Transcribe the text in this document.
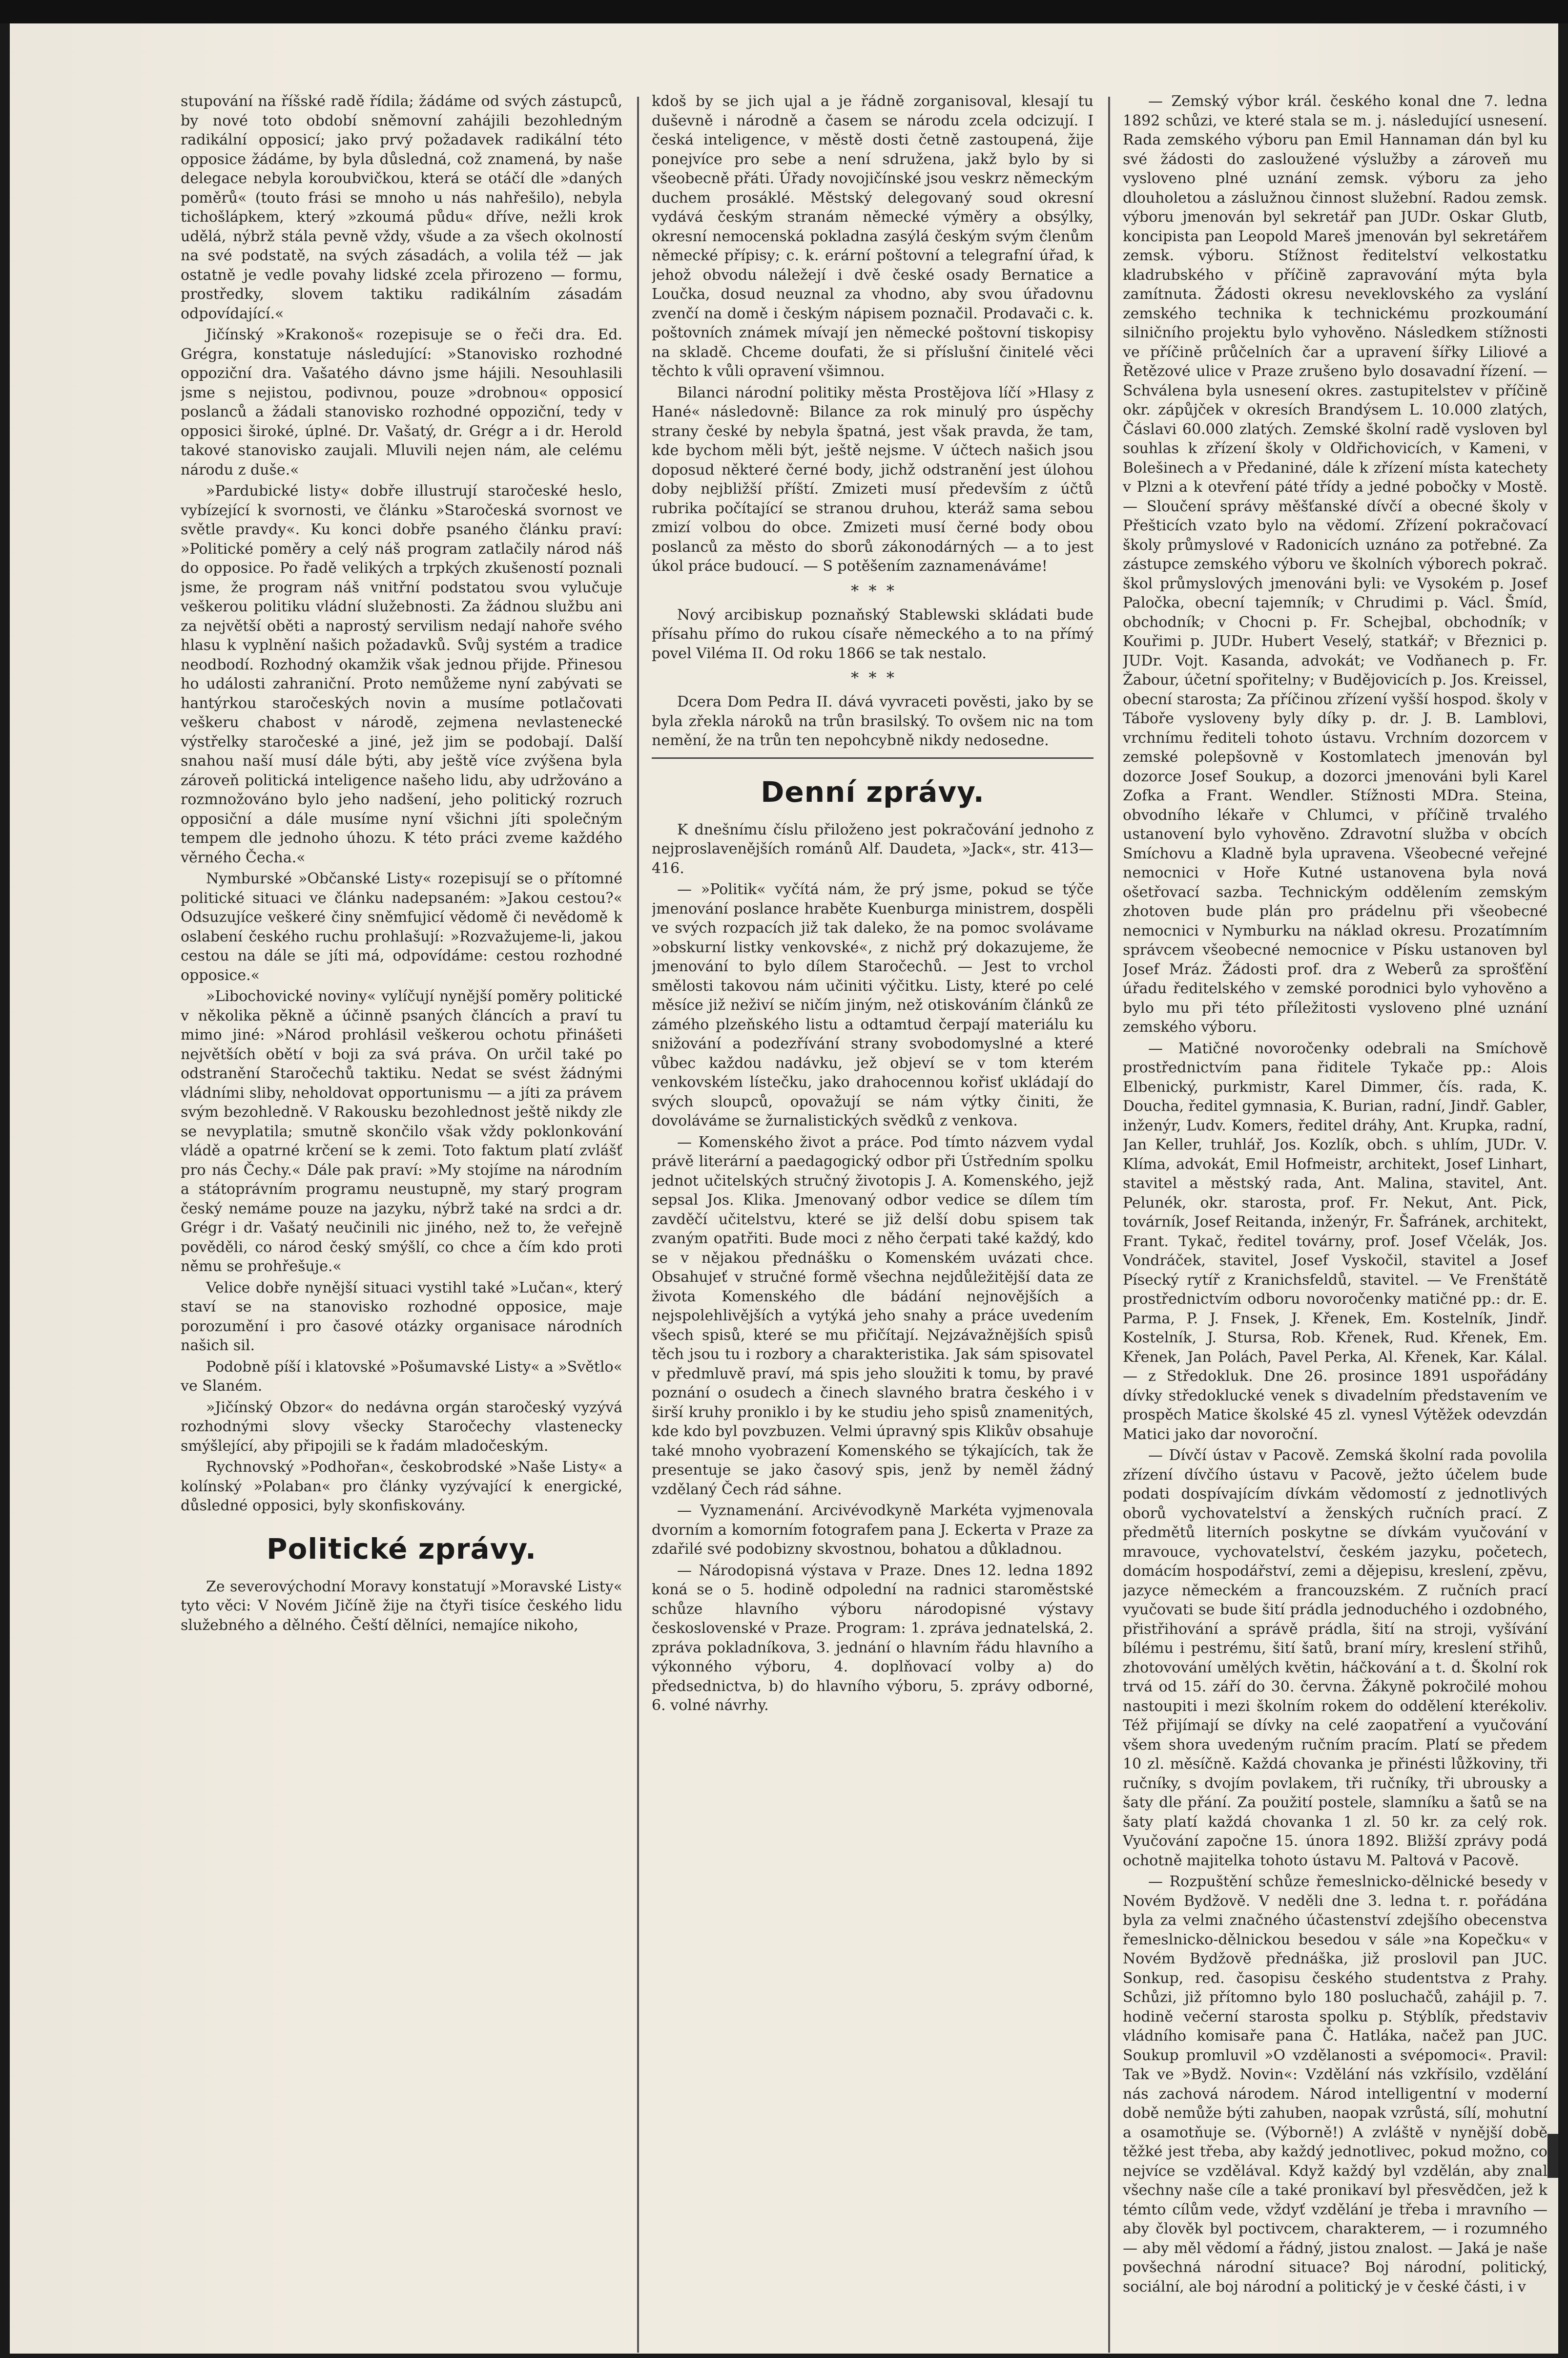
stupování na říšské radě řídila; žádáme od svých zástupců, by nové toto období sněmovní zahájili bezohledným radikální opposicí; jako prvý požadavek radikální této opposice žádáme, by byla důsledná, což znamená, by naše delegace nebyla koroubvičkou, která se otáčí dle »daných poměrů« (touto frási se mnoho u nás nahřešilo), nebyla tichošlápkem, který »zkoumá půdu« dříve, nežli krok udělá, nýbrž stála pevně vždy, všude a za všech okolností na své podstatě, na svých zásadách, a volila též — jak ostatně je vedle povahy lidské zcela přirozeno — formu, prostředky, slovem taktiku radikálním zásadám odpovídající.«

Jičínský »Krakonoš« rozepisuje se o řeči dra. Ed. Grégra, konstatuje následující: »Stanovisko rozhodné oppoziční dra. Vašatého dávno jsme hájili. Nesouhlasili jsme s nejistou, podivnou, pouze »drobnou« opposicí poslanců a žádali stanovisko rozhodné oppoziční, tedy v opposici široké, úplné. Dr. Vašatý, dr. Grégr a i dr. Herold takové stanovisko zaujali. Mluvili nejen nám, ale celému národu z duše.«

»Pardubické listy« dobře illustrují staročeské heslo, vybízející k svornosti, ve článku »Staročeská svornost ve světle pravdy«. Ku konci dobře psaného článku praví: »Politické poměry a celý náš program zatlačily národ náš do opposice. Po řadě velikých a trpkých zkušeností poznali jsme, že program náš vnitřní podstatou svou vylučuje veškerou politiku vládní služebnosti. Za žádnou službu ani za největší oběti a naprostý servilism nedají nahoře svého hlasu k vyplnění našich požadavků. Svůj systém a tradice neodbodí. Rozhodný okamžik však jednou přijde. Přinesou ho události zahraniční. Proto nemůžeme nyní zabývati se hantýrkou staročeských novin a musíme potlačovati veškeru chabost v národě, zejmena nevlastenecké výstřelky staročeské a jiné, jež jim se podobají. Další snahou naší musí dále býti, aby ještě více zvýšena byla zároveň politická inteligence našeho lidu, aby udržováno a rozmnožováno bylo jeho nadšení, jeho politický rozruch opposiční a dále musíme nyní všichni jíti společným tempem dle jednoho úhozu. K této práci zveme každého věrného Čecha.«

Nymburské »Občanské Listy« rozepisují se o přítomné politické situaci ve článku nadepsaném: »Jakou cestou?« Odsuzujíce veškeré činy sněmfujicí vědomě či nevědomě k oslabení českého ruchu prohlašují: »Rozvažujeme-li, jakou cestou na dále se jíti má, odpovídáme: cestou rozhodné opposice.«

»Libochovické noviny« vylíčují nynější poměry politické v několika pěkně a účinně psaných článcích a praví tu mimo jiné: »Národ prohlásil veškerou ochotu přinášeti největších obětí v boji za svá práva. On určil také po odstranění Staročechů taktiku. Nedat se svést žádnými vládními sliby, neholdovat opportunismu — a jíti za právem svým bezohledně. V Rakousku bezohlednost ještě nikdy zle se nevyplatila; smutně skončilo však vždy poklonkování vládě a opatrné krčení se k zemi. Toto faktum platí zvlášť pro nás Čechy.« Dále pak praví: »My stojíme na národním a státoprávním programu neustupně, my starý program český nemáme pouze na jazyku, nýbrž také na srdci a dr. Grégr i dr. Vašatý neučinili nic jiného, než to, že veřejně pověděli, co národ český smýšlí, co chce a čím kdo proti němu se prohřešuje.«

Velice dobře nynější situaci vystihl také »Lučan«, který staví se na stanovisko rozhodné opposice, maje porozumění i pro časové otázky organisace národních našich sil.

Podobně píší i klatovské »Pošumavské Listy« a »Světlo« ve Slaném.

»Jičínský Obzor« do nedávna orgán staročeský vyzývá rozhodnými slovy všecky Staročechy vlastenecky smýšlející, aby připojili se k řadám mladočeským.

Rychnovský »Podhořan«, českobrodské »Naše Listy« a kolínský »Polaban« pro články vyzývající k energické, důsledné opposici, byly skonfiskovány.

Politické zprávy.

Ze severovýchodní Moravy konstatují »Moravské Listy« tyto věci: V Novém Jičíně žije na čtyři tisíce českého lidu služebného a dělného. Čeští dělníci, nemajíce nikoho,

kdoš by se jich ujal a je řádně zorganisoval, klesají tu duševně i národně a časem se národu zcela odcizují. I česká inteligence, v městě dosti četně zastoupená, žije ponejvíce pro sebe a není sdružena, jakž bylo by si všeobecně přáti. Úřady novojičínské jsou veskrz německým duchem prosáklé. Městský delegovaný soud okresní vydává českým stranám německé výměry a obsýlky, okresní nemocenská pokladna zasýlá českým svým členům německé přípisy; c. k. erární poštovní a telegrafní úřad, k jehož obvodu náležejí i dvě české osady Bernatice a Loučka, dosud neuznal za vhodno, aby svou úřadovnu zvenčí na domě i českým nápisem poznačil. Prodavači c. k. poštovních známek mívají jen německé poštovní tiskopisy na skladě. Chceme doufati, že si příslušní činitelé věci těchto k vůli opravení všimnou.

Bilanci národní politiky města Prostějova líčí »Hlasy z Hané« následovně: Bilance za rok minulý pro úspěchy strany české by nebyla špatná, jest však pravda, že tam, kde bychom měli být, ještě nejsme. V účtech našich jsou doposud některé černé body, jichž odstranění jest úlohou doby nejbližší příští. Zmizeti musí především z účtů rubrika počítající se stranou druhou, kteráž sama sebou zmizí volbou do obce. Zmizeti musí černé body obou poslanců za město do sborů zákonodárných — a to jest úkol práce budoucí. — S potěšením zaznamenáváme!

*  *  *

Nový arcibiskup poznaňský Stablewski skládati bude přísahu přímo do rukou císaře německého a to na přímý povel Viléma II. Od roku 1866 se tak nestalo.

*  *  *

Dcera Dom Pedra II. dává vyvraceti pověsti, jako by se byla zřekla nároků na trůn brasilský. To ovšem nic na tom nemění, že na trůn ten nepohcybně nikdy nedosedne.

Denní zprávy.

K dnešnímu číslu přiloženo jest pokračování jednoho z nejproslavenějších románů Alf. Daudeta, »Jack«, str. 413—416.

— »Politik« vyčítá nám, že prý jsme, pokud se týče jmenování poslance hraběte Kuenburga ministrem, dospěli ve svých rozpacích již tak daleko, že na pomoc svolávame »obskurní listky venkovské«, z nichž prý dokazujeme, že jmenování to bylo dílem Staročechů. — Jest to vrchol smělosti takovou nám učiniti výčitku. Listy, které po celé měsíce již neživí se ničím jiným, než otiskováním článků ze zámého plzeňského listu a odtamtud čerpají materiálu ku snižování a podezřívání strany svobodomyslné a které vůbec každou nadávku, jež objeví se v tom kterém venkovském lístečku, jako drahocennou kořisť ukládají do svých sloupců, opovažují se nám výtky činiti, že dovoláváme se žurnalistických svědků z venkova.

— Komenského život a práce. Pod tímto názvem vydal právě literární a paedagogický odbor při Ústředním spolku jednot učitelských stručný životopis J. A. Komenského, jejž sepsal Jos. Klika. Jmenovaný odbor vedice se dílem tím zavděčí učitelstvu, které se již delší dobu spisem tak zvaným opatřiti. Bude moci z něho čerpati také každý, kdo se v nějakou přednášku o Komenském uvázati chce. Obsahujeť v stručné formě všechna nejdůležitější data ze života Komenského dle bádání nejnovějších a nejspolehlivějších a vytýká jeho snahy a práce uvedením všech spisů, které se mu přičítají. Nejzávažnějších spisů těch jsou tu i rozbory a charakteristika. Jak sám spisovatel v předmluvě praví, má spis jeho sloužiti k tomu, by pravé poznání o osudech a činech slavného bratra českého i v širší kruhy proniklo i by ke studiu jeho spisů znamenitých, kde kdo byl povzbuzen. Velmi úpravný spis Klikův obsahuje také mnoho vyobrazení Komenského se týkajících, tak že presentuje se jako časový spis, jenž by neměl žádný vzdělaný Čech rád sáhne.

— Vyznamenání. Arcivévodkyně Markéta vyjmenovala dvorním a komorním fotografem pana J. Eckerta v Praze za zdařilé své podobizny skvostnou, bohatou a důkladnou.

— Národopisná výstava v Praze. Dnes 12. ledna 1892 koná se o 5. hodině odpolední na radnici staroměstské schůze hlavního výboru národopisné výstavy československé v Praze. Program: 1. zpráva jednatelská, 2. zpráva pokladníkova, 3. jednání o hlavním řádu hlavního a výkonného výboru, 4. doplňovací volby a) do předsednictva, b) do hlavního výboru, 5. zprávy odborné, 6. volné návrhy.

— Zemský výbor král. českého konal dne 7. ledna 1892 schůzi, ve které stala se m. j. následující usnesení. Rada zemského výboru pan Emil Hannaman dán byl ku své žádosti do zasloužené výslužby a zároveň mu vysloveno plné uznání zemsk. výboru za jeho dlouholetou a záslužnou činnost služební. Radou zemsk. výboru jmenován byl sekretář pan JUDr. Oskar Glutb, koncipista pan Leopold Mareš jmenován byl sekretářem zemsk. výboru. Stížnost ředitelství velkostatku kladrubského v příčině zapravování mýta byla zamítnuta. Žádosti okresu neveklovského za vyslání zemského technika k technickému prozkoumání silničního projektu bylo vyhověno. Následkem stížnosti ve příčině průčelních čar a upravení šířky Liliové a Řetězové ulice v Praze zrušeno bylo dosavadní řízení. — Schválena byla usnesení okres. zastupitelstev v příčině okr. zápůjček v okresích Brandýsem L. 10.000 zlatých, Čáslavi 60.000 zlatých. Zemské školní radě vysloven byl souhlas k zřízení školy v Oldřichovicích, v Kameni, v Bolešinech a v Předaniné, dále k zřízení místa katechety v Plzni a k otevření páté třídy a jedné pobočky v Mostě. — Sloučení správy měšťanské dívčí a obecné školy v Přešticích vzato bylo na vědomí. Zřízení pokračovací školy průmyslové v Radonicích uznáno za potřebné. Za zástupce zemského výboru ve školních výborech pokrač. škol průmyslových jmenováni byli: ve Vysokém p. Josef Paločka, obecní tajemník; v Chrudimi p. Václ. Šmíd, obchodník; v Chocni p. Fr. Schejbal, obchodník; v Kouřimi p. JUDr. Hubert Veselý, statkář; v Březnici p. JUDr. Vojt. Kasanda, advokát; ve Vodňanech p. Fr. Žabour, účetní spořitelny; v Budějovicích p. Jos. Kreissel, obecní starosta; Za příčinou zřízení vyšší hospod. školy v Táboře vysloveny byly díky p. dr. J. B. Lamblovi, vrchnímu řediteli tohoto ústavu. Vrchním dozorcem v zemské polepšovně v Kostomlatech jmenován byl dozorce Josef Soukup, a dozorci jmenováni byli Karel Zofka a Frant. Wendler. Stížnosti MDra. Steina, obvodního lékaře v Chlumci, v příčině trvalého ustanovení bylo vyhověno. Zdravotní služba v obcích Smíchovu a Kladně byla upravena. Všeobecné veřejné nemocnici v Hoře Kutné ustanovena byla nová ošetřovací sazba. Technickým oddělením zemským zhotoven bude plán pro prádelnu při všeobecné nemocnici v Nymburku na náklad okresu. Prozatímním správcem všeobecné nemocnice v Písku ustanoven byl Josef Mráz. Žádosti prof. dra z Weberů za sprošťění úřadu ředitelského v zemské porodnici bylo vyhověno a bylo mu při této příležitosti vysloveno plné uznání zemského výboru.

— Matičné novoročenky odebrali na Smíchově prostřednictvím pana řiditele Tykače pp.: Alois Elbenický, purkmistr, Karel Dimmer, čís. rada, K. Doucha, ředitel gymnasia, K. Burian, radní, Jindř. Gabler, inženýr, Ludv. Komers, ředitel dráhy, Ant. Krupka, radní, Jan Keller, truhlář, Jos. Kozlík, obch. s uhlím, JUDr. V. Klíma, advokát, Emil Hofmeistr, architekt, Josef Linhart, stavitel a městský rada, Ant. Malina, stavitel, Ant. Pelunék, okr. starosta, prof. Fr. Nekut, Ant. Pick, továrník, Josef Reitanda, inženýr, Fr. Šafránek, architekt, Frant. Tykač, ředitel továrny, prof. Josef Včelák, Jos. Vondráček, stavitel, Josef Vyskočil, stavitel a Josef Písecký rytíř z Kranichsfeldů, stavitel. — Ve Frenštátě prostřednictvím odboru novoročenky matičné pp.: dr. E. Parma, P. J. Fnsek, J. Křenek, Em. Kostelník, Jindř. Kostelník, J. Stursa, Rob. Křenek, Rud. Křenek, Em. Křenek, Jan Polách, Pavel Perka, Al. Křenek, Kar. Kálal. — z Středokluk. Dne 26. prosince 1891 uspořádány dívky středoklucké venek s divadelním představením ve prospěch Matice školské 45 zl. vynesl Výtěžek odevzdán Matici jako dar novoroční.

— Dívčí ústav v Pacově. Zemská školní rada povolila zřízení dívčího ústavu v Pacově, ježto účelem bude podati dospívajícím dívkám vědomostí z jednotlivých oborů vychovatelství a ženských ručních prací. Z předmětů literních poskytne se dívkám vyučování v mravouce, vychovatelství, českém jazyku, početech, domácím hospodářství, zemi a dějepisu, kreslení, zpěvu, jazyce německém a francouzském. Z ručních prací vyučovati se bude šití prádla jednoduchého i ozdobného, přistřihování a správě prádla, šití na stroji, vyšívání bílému i pestrému, šití šatů, braní míry, kreslení střihů, zhotovování umělých květin, háčkování a t. d. Školní rok trvá od 15. září do 30. června. Žákyně pokročilé mohou nastoupiti i mezi školním rokem do oddělení kterékoliv. Též přijímají se dívky na celé zaopatření a vyučování všem shora uvedeným ručním pracím. Platí se předem 10 zl. měsíčně. Každá chovanka je přinésti lůžkoviny, tři ručníky, s dvojím povlakem, tři ručníky, tři ubrousky a šaty dle přání. Za použití postele, slamníku a šatů se na šaty platí každá chovanka 1 zl. 50 kr. za celý rok. Vyučování započne 15. února 1892. Bližší zprávy podá ochotně majitelka tohoto ústavu M. Paltová v Pacově.

— Rozpuštění schůze řemeslnicko-dělnické besedy v Novém Bydžově. V neděli dne 3. ledna t. r. pořádána byla za velmi značného účastenství zdejšího obecenstva řemeslnicko-dělnickou besedou v sále »na Kopečku« v Novém Bydžově přednáška, již proslovil pan JUC. Sonkup, red. časopisu českého studentstva z Prahy. Schůzi, již přítomno bylo 180 posluchačů, zahájil p. 7. hodině večerní starosta spolku p. Stýblík, představiv vládního komisaře pana Č. Hatláka, načež pan JUC. Soukup promluvil »O vzdělanosti a svépomoci«. Pravil: Tak ve »Bydž. Novin«: Vzdělání nás vzkřísilo, vzdělání nás zachová národem. Národ intelligentní v moderní době nemůže býti zahuben, naopak vzrůstá, sílí, mohutní a osamotňuje se. (Výborně!) A zvláště v nynější době těžké jest třeba, aby každý jednotlivec, pokud možno, co nejvíce se vzdělával. Když každý byl vzdělán, aby znal všechny naše cíle a také pronikaví byl přesvědčen, jež k témto cílům vede, vždyť vzdělání je třeba i mravního — aby člověk byl poctivcem, charakterem, — i rozumného — aby měl vědomí a řádný, jistou znalost. — Jaká je naše povšechná národní situace? Boj národní, politický, sociální, ale boj národní a politický je v české části, i v
